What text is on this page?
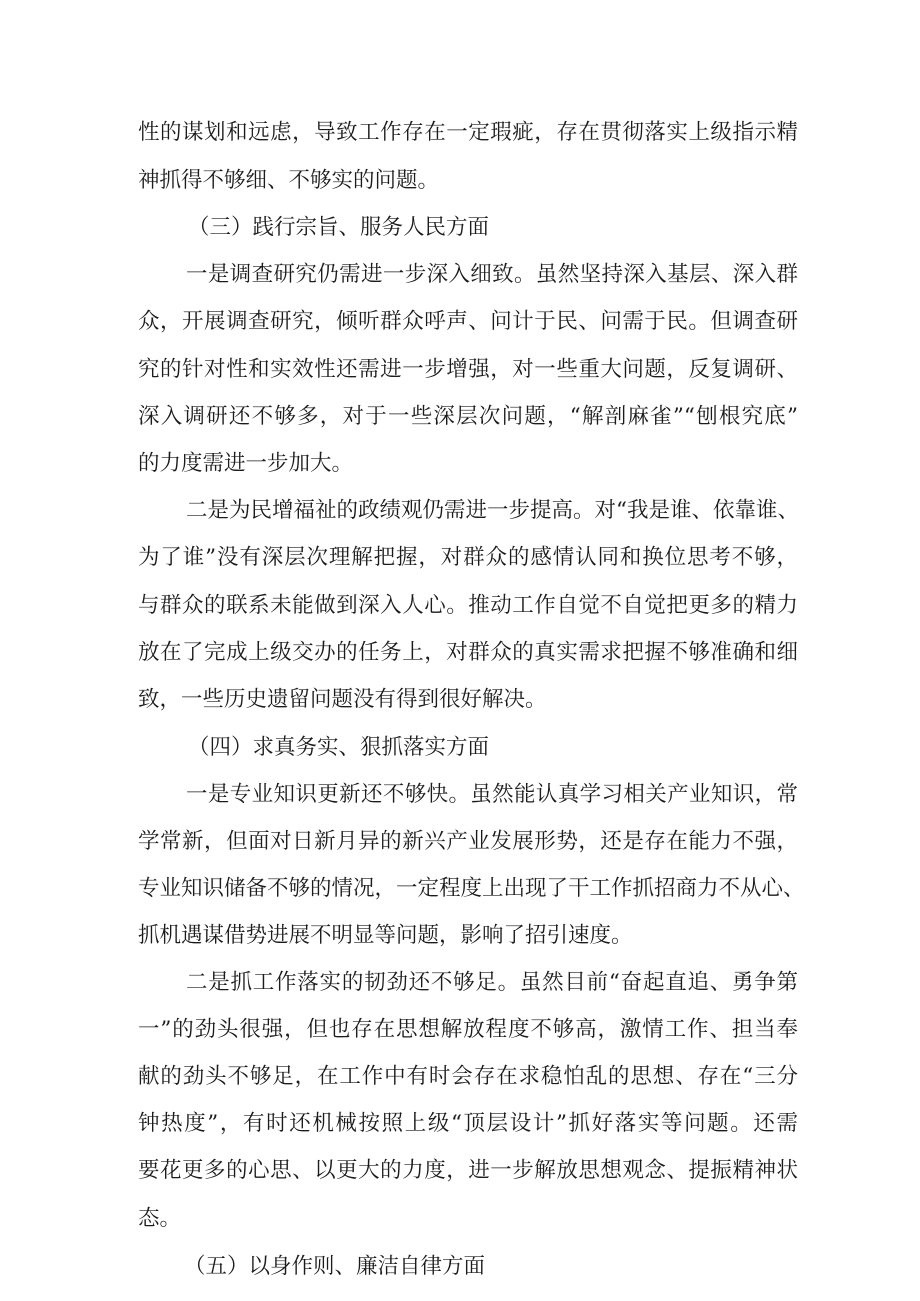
性的谋划和远虑，导致工作存在一定瑕疵，存在贯彻落实上级指示精

神抓得不够细、不够实的问题。

（三）践行宗旨、服务人民方面

一是调查研究仍需进一步深入细致。虽然坚持深入基层、深入群

众，开展调查研究，倾听群众呼声、问计于民、问需于民。但调查研

究的针对性和实效性还需进一步增强，对一些重大问题，反复调研、

深入调研还不够多，对于一些深层次问题，“解剖麻雀”“刨根究底”

的力度需进一步加大。

二是为民增福祉的政绩观仍需进一步提高。对“我是谁、依靠谁、

为了谁”没有深层次理解把握，对群众的感情认同和换位思考不够，

与群众的联系未能做到深入人心。推动工作自觉不自觉把更多的精力

放在了完成上级交办的任务上，对群众的真实需求把握不够准确和细

致，一些历史遗留问题没有得到很好解决。

（四）求真务实、狠抓落实方面

一是专业知识更新还不够快。虽然能认真学习相关产业知识，常

学常新，但面对日新月异的新兴产业发展形势，还是存在能力不强，

专业知识储备不够的情况，一定程度上出现了干工作抓招商力不从心、

抓机遇谋借势进展不明显等问题，影响了招引速度。

二是抓工作落实的韧劲还不够足。虽然目前“奋起直追、勇争第

一”的劲头很强，但也存在思想解放程度不够高，激情工作、担当奉

献的劲头不够足，在工作中有时会存在求稳怕乱的思想、存在“三分

钟热度”，有时还机械按照上级“顶层设计”抓好落实等问题。还需

要花更多的心思、以更大的力度，进一步解放思想观念、提振精神状

态。

（五）以身作则、廉洁自律方面
